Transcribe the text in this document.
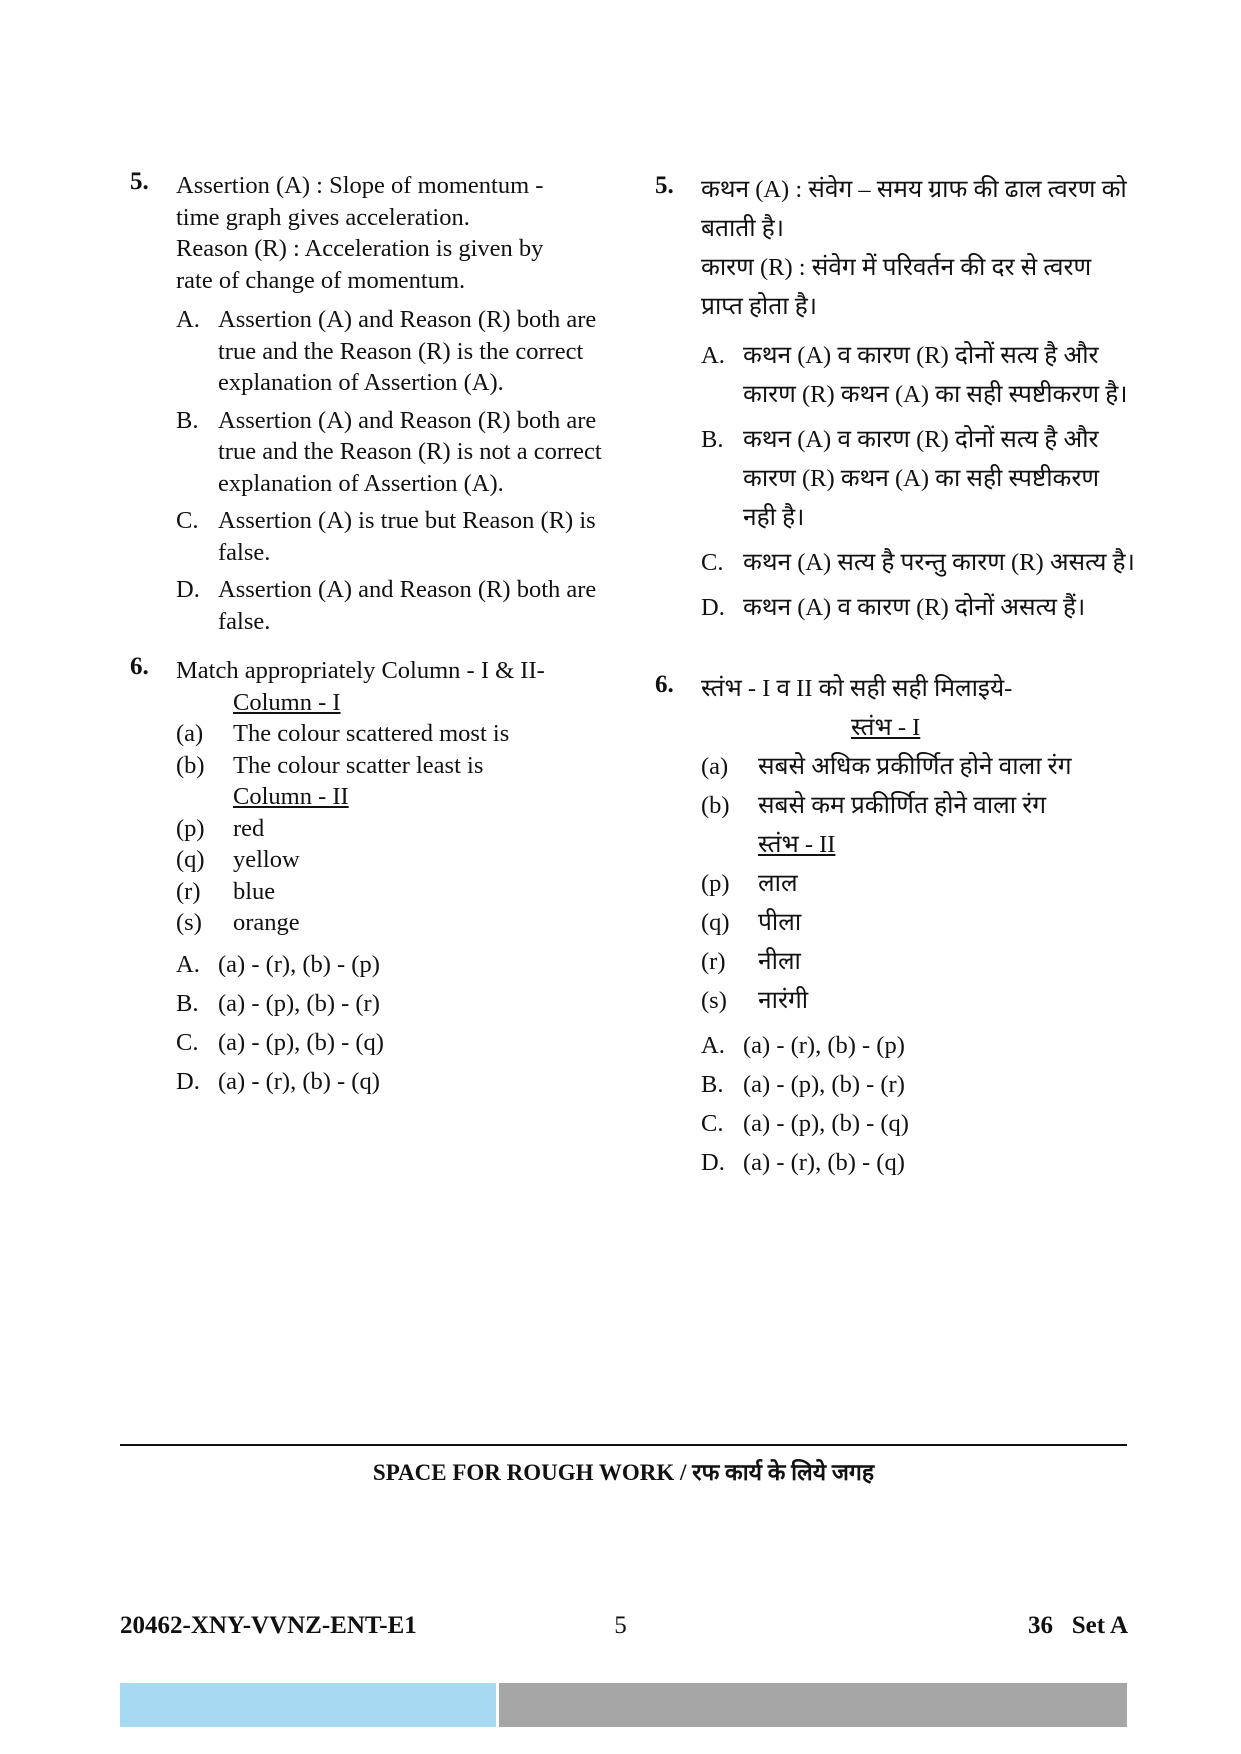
5. Assertion (A) : Slope of momentum -
time graph gives acceleration.
Reason (R) : Acceleration is given by
rate of change of momentum.
A. Assertion (A) and Reason (R) both are true and the Reason (R) is the correct explanation of Assertion (A).
B. Assertion (A) and Reason (R) both are true and the Reason (R) is not a correct explanation of Assertion (A).
C. Assertion (A) is true but Reason (R) is false.
D. Assertion (A) and Reason (R) both are false.
6. Match appropriately Column - I & II-
Column - I
(a) The colour scattered most is
(b) The colour scatter least is
Column - II
(p) red
(q) yellow
(r) blue
(s) orange
A. (a) - (r), (b) - (p)
B. (a) - (p), (b) - (r)
C. (a) - (p), (b) - (q)
D. (a) - (r), (b) - (q)
5. कथन (A) : संवेग – समय ग्राफ की ढाल त्वरण को बताती है।
कारण (R) : संवेग में परिवर्तन की दर से त्वरण प्राप्त होता है।
A. कथन (A) व कारण (R) दोनों सत्य है और कारण (R) कथन (A) का सही स्पष्टीकरण है।
B. कथन (A) व कारण (R) दोनों सत्य है और कारण (R) कथन (A) का सही स्पष्टीकरण नही है।
C. कथन (A) सत्य है परन्तु कारण (R) असत्य है।
D. कथन (A) व कारण (R) दोनों असत्य हैं।
6. स्तंभ - I व II को सही सही मिलाइये-
स्तंभ - I
(a) सबसे अधिक प्रकीर्णित होने वाला रंग
(b) सबसे कम प्रकीर्णित होने वाला रंग
स्तंभ - II
(p) लाल
(q) पीला
(r) नीला
(s) नारंगी
A. (a) - (r), (b) - (p)
B. (a) - (p), (b) - (r)
C. (a) - (p), (b) - (q)
D. (a) - (r), (b) - (q)
SPACE FOR ROUGH WORK / रफ कार्य के लिये जगह
20462-XNY-VVNZ-ENT-E1	5	36   Set A
